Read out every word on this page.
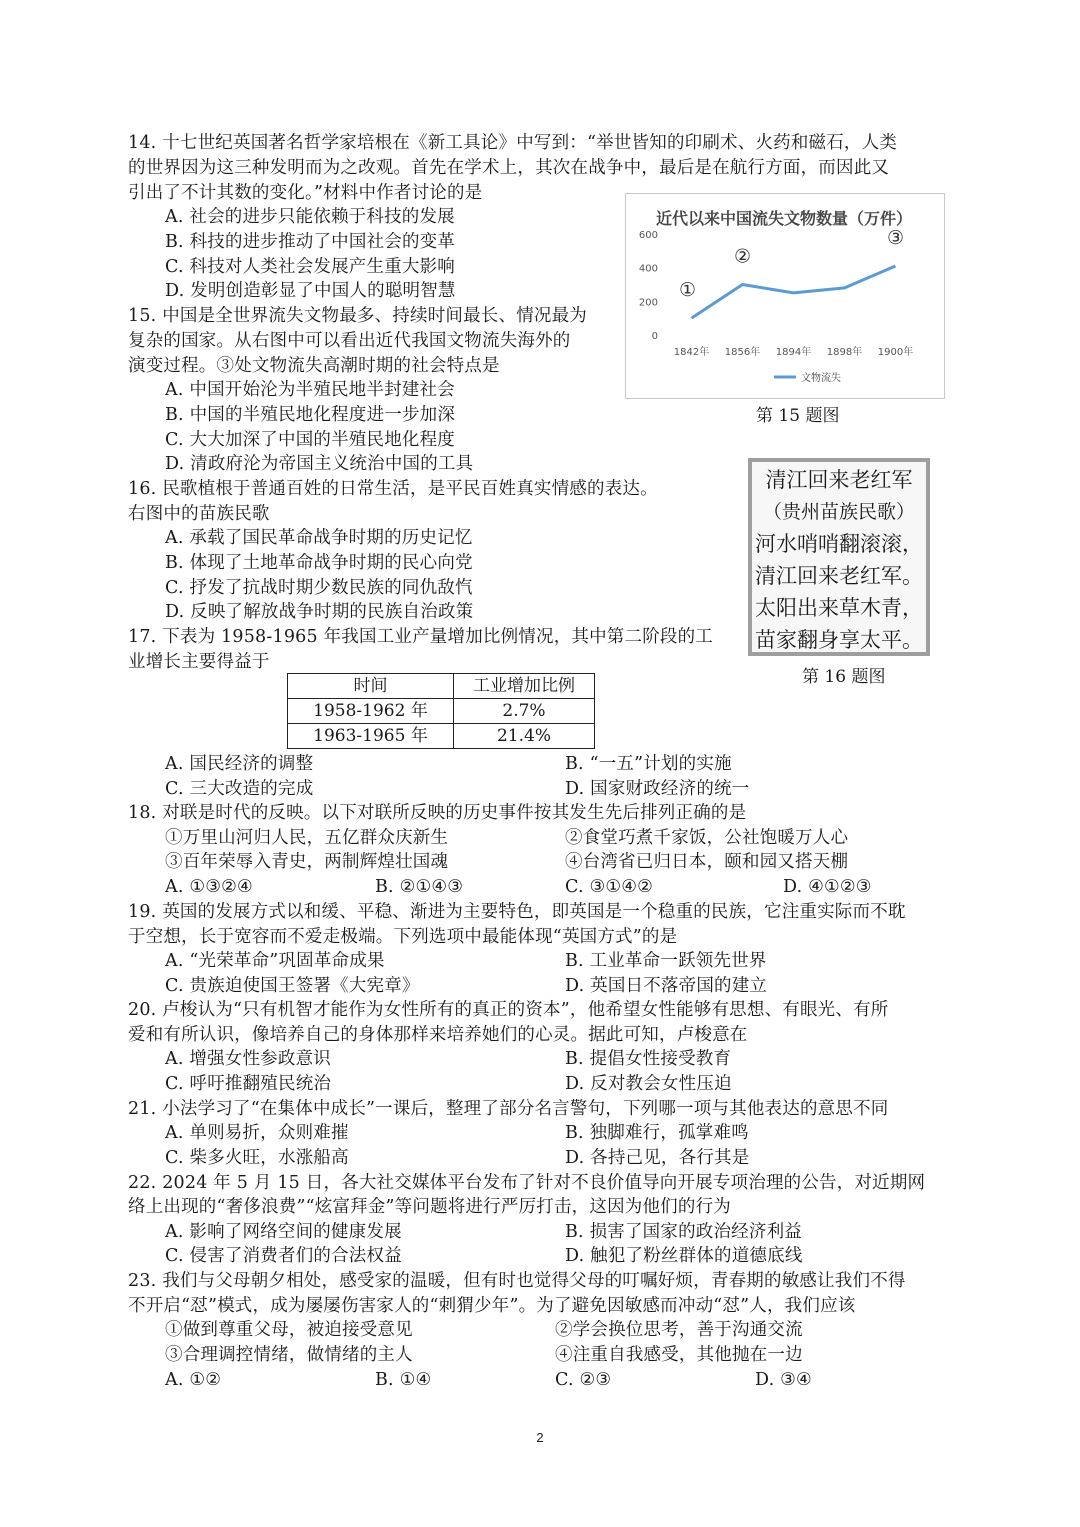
14. 十七世纪英国著名哲学家培根在《新工具论》中写到：“举世皆知的印刷术、火药和磁石，人类
的世界因为这三种发明而为之改观。首先在学术上，其次在战争中，最后是在航行方面，而因此又
引出了不计其数的变化。”材料中作者讨论的是
A. 社会的进步只能依赖于科技的发展
B. 科技的进步推动了中国社会的变革
C. 科技对人类社会发展产生重大影响
D. 发明创造彰显了中国人的聪明智慧
近代以来中国流失文物数量（万件）
0
200
400
600
1842年 1856年 1894年 1898年 1900年
文物流失
①
②
③
第 15 题图
15. 中国是全世界流失文物最多、持续时间最长、情况最为
复杂的国家。从右图中可以看出近代我国文物流失海外的
演变过程。③处文物流失高潮时期的社会特点是
A. 中国开始沦为半殖民地半封建社会
B. 中国的半殖民地化程度进一步加深
C. 大大加深了中国的半殖民地化程度
D. 清政府沦为帝国主义统治中国的工具
16. 民歌植根于普通百姓的日常生活，是平民百姓真实情感的表达。
右图中的苗族民歌
A. 承载了国民革命战争时期的历史记忆
B. 体现了土地革命战争时期的民心向党
C. 抒发了抗战时期少数民族的同仇敌忾
D. 反映了解放战争时期的民族自治政策
清江回来老红军
（贵州苗族民歌）
河水哨哨翻滚滚，
清江回来老红军。
太阳出来草木青，
苗家翻身享太平。
第 16 题图
17. 下表为 1958-1965 年我国工业产量增加比例情况，其中第二阶段的工
业增长主要得益于
时间	工业增加比例
1958-1962 年	2.7%
1963-1965 年	21.4%
A. 国民经济的调整	B. “一五”计划的实施
C. 三大改造的完成	D. 国家财政经济的统一
18. 对联是时代的反映。以下对联所反映的历史事件按其发生先后排列正确的是
①万里山河归人民，五亿群众庆新生	②食堂巧煮千家饭，公社饱暖万人心
③百年荣辱入青史，两制辉煌壮国魂	④台湾省已归日本，颐和园又搭天棚
A. ①③②④	B. ②①④③	C. ③①④②	D. ④①②③
19. 英国的发展方式以和缓、平稳、渐进为主要特色，即英国是一个稳重的民族，它注重实际而不耽
于空想，长于宽容而不爱走极端。下列选项中最能体现“英国方式”的是
A. “光荣革命”巩固革命成果	B. 工业革命一跃领先世界
C. 贵族迫使国王签署《大宪章》	D. 英国日不落帝国的建立
20. 卢梭认为“只有机智才能作为女性所有的真正的资本”，他希望女性能够有思想、有眼光、有所
爱和有所认识，像培养自己的身体那样来培养她们的心灵。据此可知，卢梭意在
A. 增强女性参政意识	B. 提倡女性接受教育
C. 呼吁推翻殖民统治	D. 反对教会女性压迫
21. 小法学习了“在集体中成长”一课后，整理了部分名言警句，下列哪一项与其他表达的意思不同
A. 单则易折，众则难摧	B. 独脚难行，孤掌难鸣
C. 柴多火旺，水涨船高	D. 各持己见，各行其是
22. 2024 年 5 月 15 日，各大社交媒体平台发布了针对不良价值导向开展专项治理的公告，对近期网
络上出现的“奢侈浪费”“炫富拜金”等问题将进行严厉打击，这因为他们的行为
A. 影响了网络空间的健康发展	B. 损害了国家的政治经济利益
C. 侵害了消费者们的合法权益	D. 触犯了粉丝群体的道德底线
23. 我们与父母朝夕相处，感受家的温暖，但有时也觉得父母的叮嘱好烦，青春期的敏感让我们不得
不开启“怼”模式，成为屡屡伤害家人的“刺猬少年”。为了避免因敏感而冲动“怼”人，我们应该
①做到尊重父母，被迫接受意见	②学会换位思考，善于沟通交流
③合理调控情绪，做情绪的主人	④注重自我感受，其他抛在一边
A. ①②	B. ①④	C. ②③	D. ③④
2
